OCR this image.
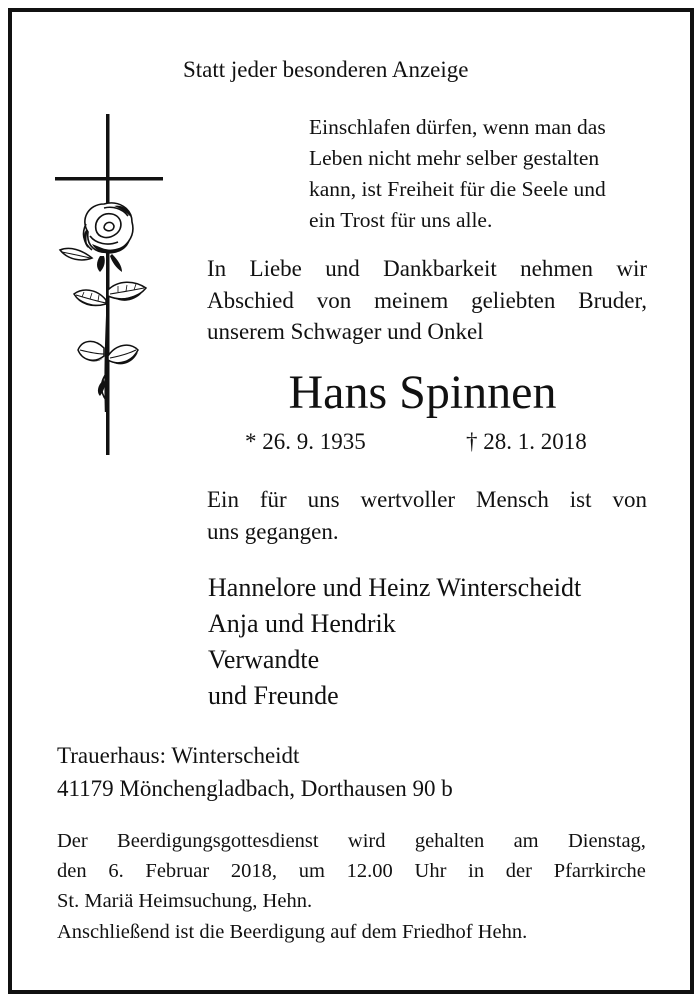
Statt jeder besonderen Anzeige
Einschlafen dürfen, wenn man das
Leben nicht mehr selber gestalten
kann, ist Freiheit für die Seele und
ein Trost für uns alle.
In Liebe und Dankbarkeit nehmen wir
Abschied von meinem geliebten Bruder,
unserem Schwager und Onkel
Hans Spinnen
* 26. 9. 1935	† 28. 1. 2018
Ein für uns wertvoller Mensch ist von
uns gegangen.
Hannelore und Heinz Winterscheidt
Anja und Hendrik
Verwandte
und Freunde
Trauerhaus: Winterscheidt
41179 Mönchengladbach, Dorthausen 90 b
Der Beerdigungsgottesdienst wird gehalten am Dienstag,
den 6. Februar 2018, um 12.00 Uhr in der Pfarrkirche
St. Mariä Heimsuchung, Hehn.
Anschließend ist die Beerdigung auf dem Friedhof Hehn.
